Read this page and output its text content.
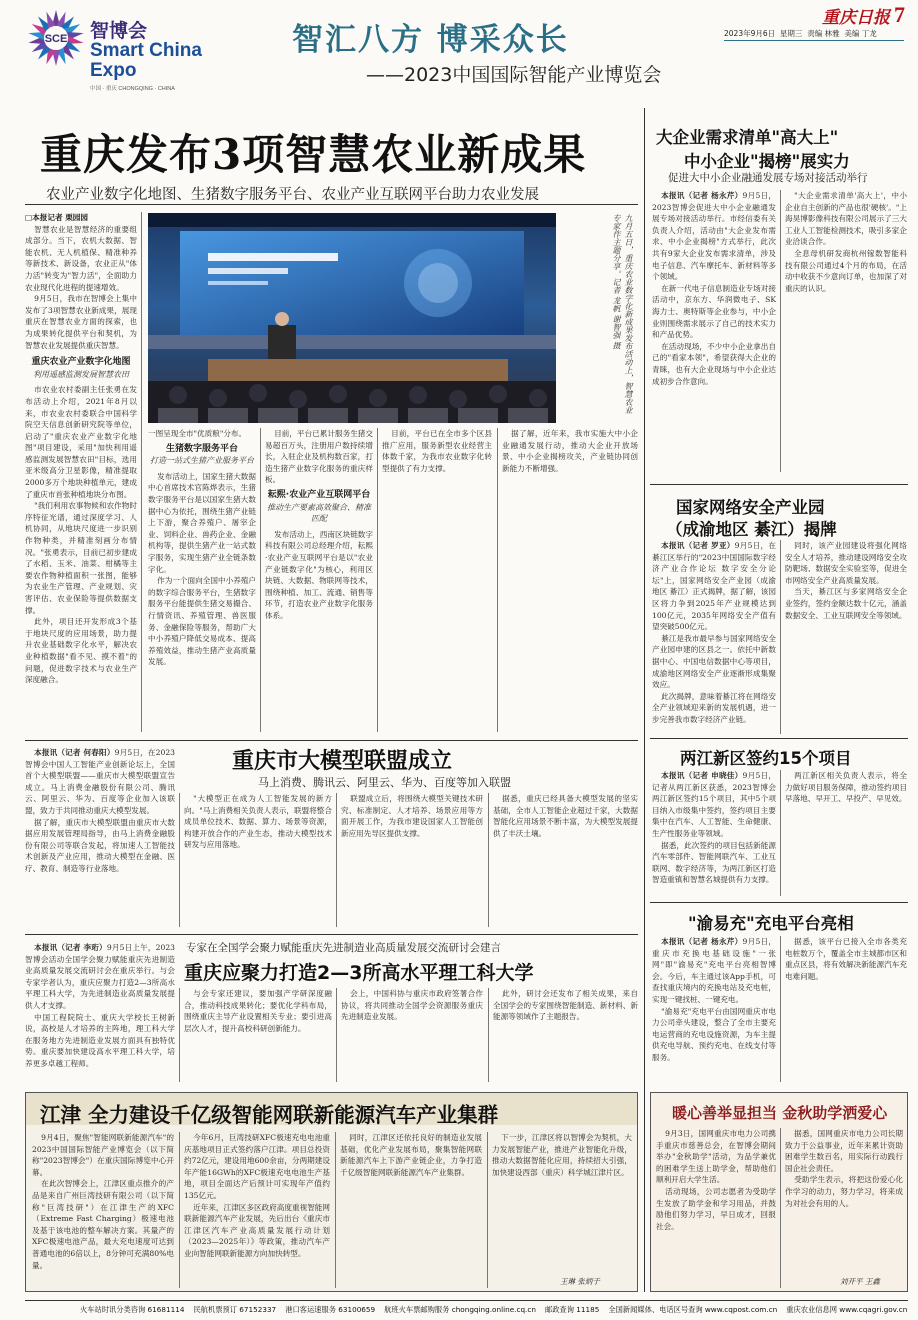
SCE 智博会
Smart China
Expo
中国 · 重庆 CHONGQING · CHINA
智汇八方 博采众长
——2023中国国际智能产业博览会
2023年9月6日 星期三 责编 林雅 美编 丁龙
重庆日报 7
重庆发布3项智慧农业新成果
农业产业数字化地图、生猪数字服务平台、农业产业互联网平台助力农业发展
□本报记者 栗园园

智慧农业是智慧经济的重要组成部分。当下，农机大数据、智能农机、无人机植保、精准种养等新技术、新设备，农业正从"体力活"转变为"智力活"，全面助力农业现代化进程的提速增效。

9月5日，我市在智博会上集中发布了3项智慧农业新成果，展现重庆在智慧农业方面的探索，也为成果转化提供平台和契机，为智慧农业发展提供重庆智慧。

重庆农业产业数字化地图
利用遥感监测发展智慧农田

市农业农村委副主任张勇在发布活动上介绍，2021年8月以来，市农业农村委联合中国科学院空天信息创新研究院等单位，启动了"重庆农业产业数字化地图"项目建设，采用"加快利用遥感监测发展智慧农田"目标，选用亚米级高分卫星影像，精准提取2000多万个地块种植单元，建成了重庆市首张种植地块分布图。

"我们利用农事物候和农作物时序特征光谱，通过深度学习、人机协同，从地块尺度进一步识别作物种类，并精准刻画分布情况。"张勇表示，目前已初步建成了水稻、玉米、油菜、柑橘等主要农作物种植面积一张图，能够为农业生产管理、产业规划、灾害评估、农业保险等提供数据支撑。

此外，项目还开发形成3个基于地块尺度的应用场景，助力提升农业基础数字化水平，解决农业种植数据"看不见、摸不着"的问题，促进数字技术与农业生产深度融合。

九月五日，重庆农业数字化新成果发布活动上，智慧农业专家作主题分享。记者 龙帆 谢智强 摄

一图呈现全市"优质粮"分布。

生猪数字服务平台
打造一站式生猪产业服务平台

发布活动上，国家生猪大数据中心首席技术官陈烨表示，生猪数字服务平台是以国家生猪大数据中心为依托，围绕生猪产业链上下游，聚合养殖户、屠宰企业、饲料企业、兽药企业、金融机构等，提供生猪产业一站式数字服务，实现生猪产业全链条数字化。

作为一个面向全国中小养殖户的数字综合服务平台，生猪数字服务平台能提供生猪交易撮合、行情资讯、养殖管理、兽医服务、金融保险等服务，帮助广大中小养殖户降低交易成本、提高养殖效益，推动生猪产业高质量发展。

目前，平台已累计服务生猪交易超百万头，注册用户数持续增长，入驻企业及机构数百家，打造生猪产业数字化服务的重庆样板。

耘熙·农业产业互联网平台
推动生产要素高效聚合、精准匹配

发布活动上，西南区块链数字科技有限公司总经理介绍，耘熙·农业产业互联网平台是以"农业产业链数字化"为核心，利用区块链、大数据、物联网等技术，围绕种植、加工、流通、销售等环节，打造农业产业数字化服务体系。

目前，平台已在全市多个区县推广应用，服务新型农业经营主体数千家，为我市农业数字化转型提供了有力支撑。

据了解，近年来，我市实施大中小企业融通发展行动，推动大企业开放场景、中小企业揭榜攻关，产业链协同创新能力不断增强。

大企业需求清单"高大上"
中小企业"揭榜"展实力
促进大中小企业融通发展专场对接活动举行

本报讯（记者 杨永芹）9月5日，2023智博会促进大中小企业融通发展专场对接活动举行。市经信委有关负责人介绍，活动由"大企业发布需求、中小企业揭榜"方式举行，此次共有9家大企业发布需求清单，涉及电子信息、汽车摩托车、新材料等多个领域。

在新一代电子信息制造业专场对接活动中，京东方、华润微电子、SK海力士、奥特斯等企业参与，中小企业则围绕需求展示了自己的技术实力和产品优势。

在活动现场，不少中小企业拿出自己的"看家本领"，希望获得大企业的青睐，也有大企业现场与中小企业达成初步合作意向。

"大企业需求清单'高大上'，中小企业自主创新的产品也很'硬核'。"上海昊博影像科技有限公司展示了三大工业人工智能检测技术，吸引多家企业洽谈合作。

全息母机研发商杭州镓数智能科技有限公司通过4个月的布局，在活动中收获不少意向订单，也加深了对重庆的认识。

国家网络安全产业园
（成渝地区 綦江）揭牌

本报讯（记者 罗亚）9月5日，在綦江区举行的"2023中国国际数字经济产业合作论坛 数字安全分论坛"上，国家网络安全产业园（成渝地区 綦江）正式揭牌，据了解，该园区将力争到2025年产业规模达到100亿元，2035年网络安全产值有望突破500亿元。

綦江是我市最早参与国家网络安全产业园申建的区县之一。依托中新数据中心、中国电信数据中心等项目，成渝地区网络安全产业逐渐形成集聚效应。

此次揭牌，意味着綦江将在网络安全产业领域迎来新的发展机遇，进一步完善我市数字经济产业链。

同时，该产业园建设将强化网络安全人才培养，推动建设网络安全攻防靶场、数据安全实验室等，促进全市网络安全产业高质量发展。

当天，綦江区与多家网络安全企业签约，签约金额达数十亿元，涵盖数据安全、工业互联网安全等领域。

本报讯（记者 何春阳）9月5日，在2023智博会中国人工智能产业创新论坛上，全国首个大模型联盟——重庆市大模型联盟宣告成立。马上消费金融股份有限公司、腾讯云、阿里云、华为、百度等企业加入该联盟，致力于共同推动重庆大模型发展。

据了解，重庆市大模型联盟由重庆市大数据应用发展管理局指导，由马上消费金融股份有限公司等联合发起，将加速人工智能技术创新及产业应用，推动大模型在金融、医疗、教育、制造等行业落地。

重庆市大模型联盟成立
马上消费、腾讯云、阿里云、华为、百度等加入联盟

"大模型正在成为人工智能发展的新方向。"马上消费相关负责人表示，联盟将整合成员单位技术、数据、算力、场景等资源，构建开放合作的产业生态，推动大模型技术研发与应用落地。

联盟成立后，将围绕大模型关键技术研究、标准制定、人才培养、场景应用等方面开展工作，为我市建设国家人工智能创新应用先导区提供支撑。

据悉，重庆已经具备大模型发展的坚实基础，全市人工智能企业超过千家，大数据智能化应用场景不断丰富，为大模型发展提供了丰沃土壤。

两江新区签约15个项目

本报讯（记者 申晓佳）9月5日，记者从两江新区获悉，2023智博会两江新区签约15个项目，其中5个项目纳入市级集中签约，签约项目主要集中在汽车、人工智能、生命健康、生产性服务业等领域。

据悉，此次签约的项目包括新能源汽车零部件、智能网联汽车、工业互联网、数字经济等，为两江新区打造智造重镇和智慧名城提供有力支撑。

两江新区相关负责人表示，将全力做好项目服务保障，推动签约项目早落地、早开工、早投产、早见效。

本报讯（记者 李珩）9月5日上午，2023智博会活动全国学会聚力赋能重庆先进制造业高质量发展交流研讨会在重庆举行。与会专家学者认为，重庆应聚力打造2—3所高水平理工科大学，为先进制造业高质量发展提供人才支撑。

中国工程院院士、重庆大学校长王树新说，高校是人才培养的主阵地，理工科大学在服务地方先进制造业发展方面具有独特优势。重庆要加快建设高水平理工科大学，培养更多卓越工程师。

专家在全国学会聚力赋能重庆先进制造业高质量发展交流研讨会建言
重庆应聚力打造2—3所高水平理工科大学

与会专家还建议，要加强产学研深度融合，推动科技成果转化；要优化学科布局，围绕重庆主导产业设置相关专业；要引进高层次人才，提升高校科研创新能力。

会上，中国科协与重庆市政府签署合作协议，将共同推动全国学会资源服务重庆先进制造业发展。

此外，研讨会还发布了相关成果，来自全国学会的专家围绕智能制造、新材料、新能源等领域作了主题报告。

"渝易充"充电平台亮相

本报讯（记者 杨永芹）9月5日，重庆市充换电基础设施"一张网"即"渝易充"充电平台亮相智博会。今后，车主通过该App手机，可查找重庆境内的充换电站及充电桩，实现一键找桩、一键充电。

"渝易充"充电平台由国网重庆市电力公司牵头建设，整合了全市主要充电运营商的充电设施资源，为车主提供充电导航、预约充电、在线支付等服务。

据悉，该平台已接入全市各类充电桩数万个，覆盖全市主城都市区和重点区县，将有效解决新能源汽车充电难问题。

江津 全力建设千亿级智能网联新能源汽车产业集群

9月4日，聚焦"智能网联新能源汽车"的2023中国国际智能产业博览会（以下简称"2023智博会"）在重庆国际博览中心开幕。

在此次智博会上，江津区重点推介的产品是来自广州巨湾技研有限公司（以下简称"巨湾技研"）在江津生产的XFC（Extreme Fast Charging）极速电池及基于该电池的整车解决方案。其量产的XFC极速电池产品，最大充电速度可达到普通电池的6倍以上，8分钟可充满80%电量。

今年6月，巨湾技研XFC极速充电电池重庆基地项目正式签约落户江津。项目总投资约72亿元，建设用地600余亩，分两期建设年产能16GWh的XFC极速充电电池生产基地，项目全面达产后预计可实现年产值约135亿元。

近年来，江津区多区政府高度重视智能网联新能源汽车产业发展，先后出台《重庆市江津区汽车产业高质量发展行动计划（2023—2025年）》等政策，推动汽车产业向智能网联新能源方向加快转型。

同时，江津区还依托良好的制造业发展基础，优化产业发展布局，聚集智能网联新能源汽车上下游产业链企业，力争打造千亿级智能网联新能源汽车产业集群。

下一步，江津区将以智博会为契机，大力发展智能产业，推进产业智能化升级，推动大数据智能化应用，持续招大引强，加快建设西部（重庆）科学城江津片区。

王琳 张炳于
暖心善举显担当 金秋助学洒爱心

9月3日，国网重庆市电力公司携手重庆市慈善总会，在智博会期间举办"金秋助学"活动，为品学兼优的困难学生送上助学金，帮助他们顺利开启大学生活。

活动现场，公司志愿者为受助学生发放了助学金和学习用品，并鼓励他们努力学习，早日成才，回报社会。

据悉，国网重庆市电力公司长期致力于公益事业，近年来累计资助困难学生数百名，用实际行动践行国企社会责任。

受助学生表示，将把这份爱心化作学习的动力，努力学习，将来成为对社会有用的人。

刘开平 王鑫
火车站时讯分类咨询 61681114 民航机票预订 67152337 港口客运速服务 63100659 航班火车票邮购服务 chongqing.online.cq.cn 邮政查询 11185 全国新闻媒体、电话区号查询 www.cqpost.com.cn 重庆农业信息网 www.cqagri.gov.cn
